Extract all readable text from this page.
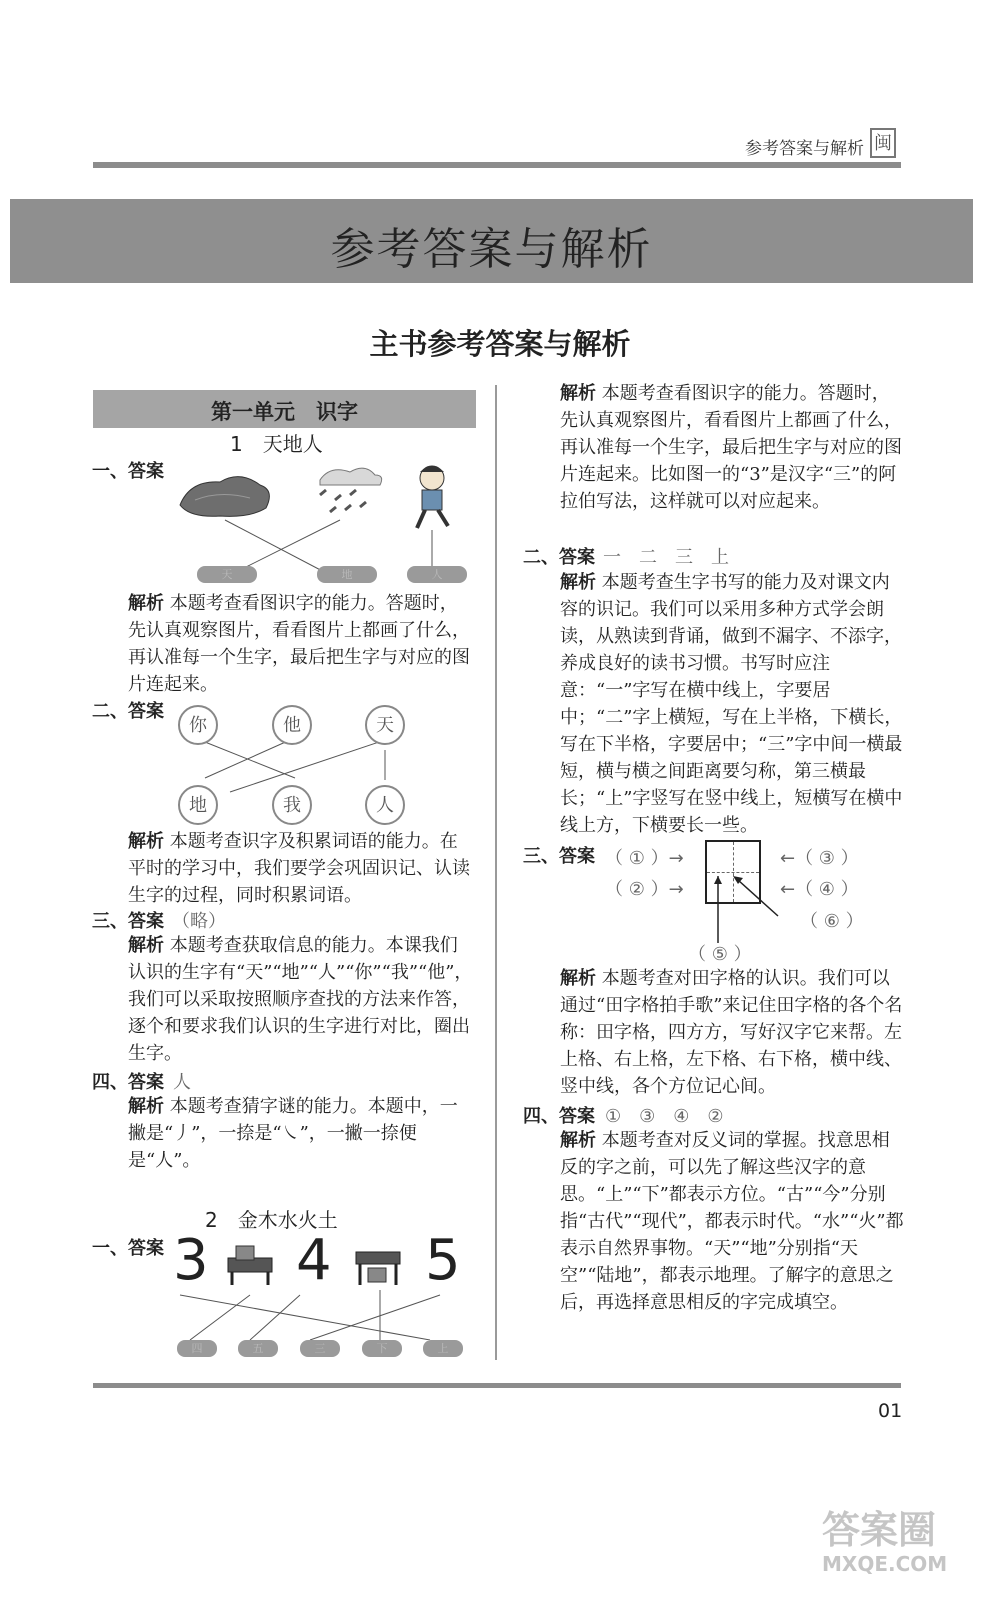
参考答案与解析 闽
参考答案与解析
主书参考答案与解析
第一单元　识字
1　天地人
一、答案
天	地	人
解析 本题考查看图识字的能力。答题时，先认真观察图片，看看图片上都画了什么，再认准每一个生字，最后把生字与对应的图片连起来。
二、答案
你	他	天
地	我	人
解析 本题考查识字及积累词语的能力。在平时的学习中，我们要学会巩固识记、认读生字的过程，同时积累词语。
三、答案 （略）
解析 本题考查获取信息的能力。本课我们认识的生字有“天”“地”“人”“你”“我”“他”，我们可以采取按照顺序查找的方法来作答，逐个和要求我们认识的生字进行对比，圈出生字。
四、答案 人
解析 本题考查猜字谜的能力。本题中，一撇是“丿”，一捺是“㇏”，一撇一捺便是“人”。
2　金木水火土
一、答案 3 4 5
四	五	三	下	上
解析 本题考查看图识字的能力。答题时，先认真观察图片，看看图片上都画了什么，再认准每一个生字，最后把生字与对应的图片连起来。比如图一的“3”是汉字“三”的阿拉伯写法，这样就可以对应起来。
二、答案 一　二　三　上
解析 本题考查生字书写的能力及对课文内容的识记。我们可以采用多种方式学会朗读，从熟读到背诵，做到不漏字、不添字，养成良好的读书习惯。书写时应注意：“一”字写在横中线上，字要居中；“二”字上横短，写在上半格，下横长，写在下半格，字要居中；“三”字中间一横最短，横与横之间距离要匀称，第三横最长；“上”字竖写在竖中线上，短横写在横中线上方，下横要长一些。
三、答案 （ ① ）→
（ ② ）→
←（ ③ ）
←（ ④ ）
（ ⑤ ）
（ ⑥ ）
解析 本题考查对田字格的认识。我们可以通过“田字格拍手歌”来记住田字格的各个名称：田字格，四方方，写好汉字它来帮。左上格、右上格，左下格、右下格，横中线、竖中线，各个方位记心间。
四、答案 ①　③　④　②
解析 本题考查对反义词的掌握。找意思相反的字之前，可以先了解这些汉字的意思。“上”“下”都表示方位。“古”“今”分别指“古代”“现代”，都表示时代。“水”“火”都表示自然界事物。“天”“地”分别指“天空”“陆地”，都表示地理。了解字的意思之后，再选择意思相反的字完成填空。
01
答案圈
MXQE.COM
